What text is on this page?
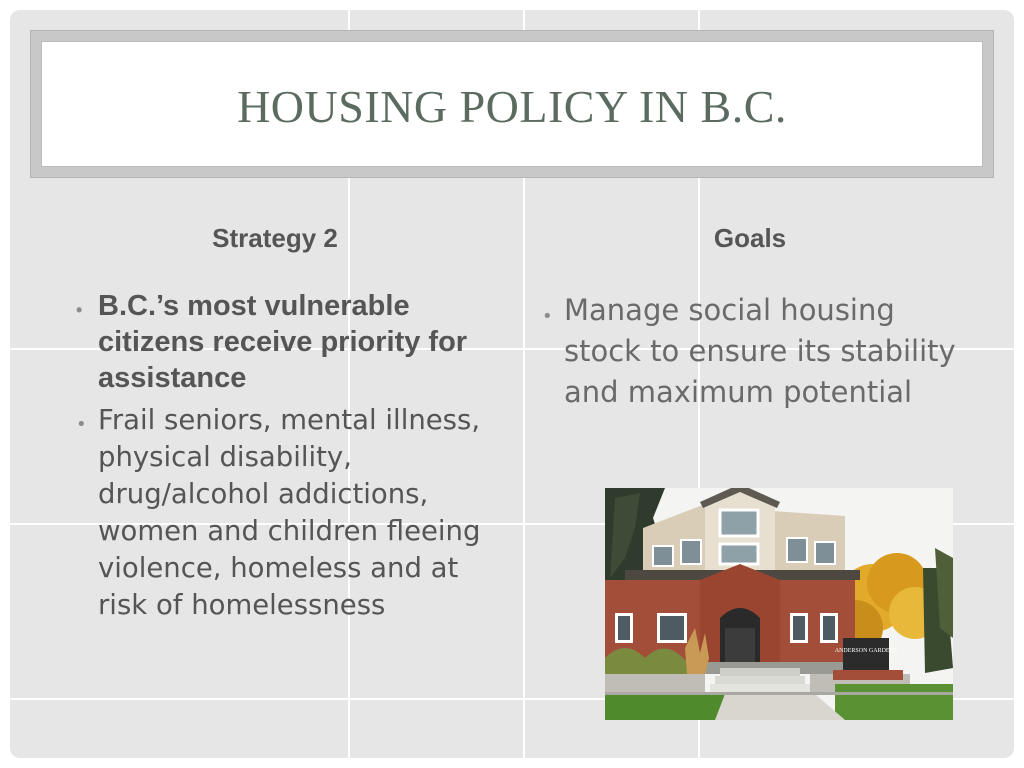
HOUSING POLICY IN B.C.
Strategy 2	Goals
• B.C.’s most vulnerable citizens receive priority for assistance
• Frail seniors, mental illness, physical disability, drug/alcohol addictions, women and children fleeing violence, homeless and at risk of homelessness
• Manage social housing stock to ensure its stability and maximum potential
ANDERSON GARDENS
